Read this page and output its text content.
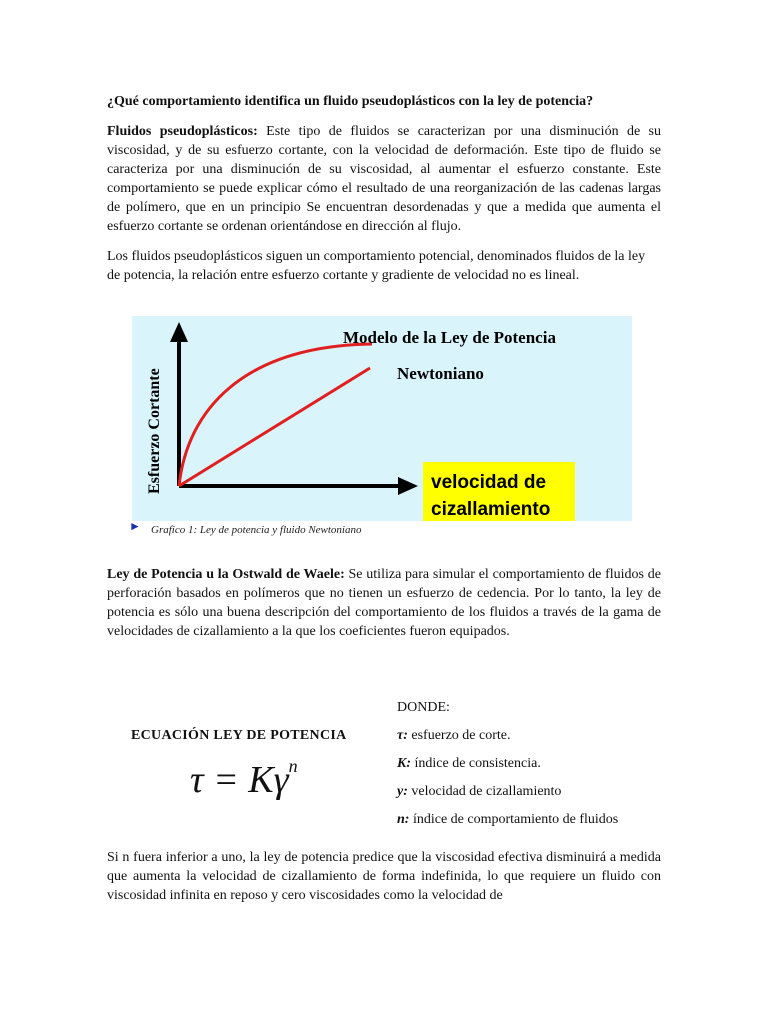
¿Qué comportamiento identifica un fluido pseudoplásticos con la ley de potencia?

Fluidos pseudoplásticos: Este tipo de fluidos se caracterizan por una disminución de su viscosidad, y de su esfuerzo cortante, con la velocidad de deformación. Este tipo de fluido se caracteriza por una disminución de su viscosidad, al aumentar el esfuerzo constante. Este comportamiento se puede explicar cómo el resultado de una reorganización de las cadenas largas de polímero, que en un principio Se encuentran desordenadas y que a medida que aumenta el esfuerzo cortante se ordenan orientándose en dirección al flujo.

Los fluidos pseudoplásticos siguen un comportamiento potencial, denominados fluidos de la ley de potencia, la relación entre esfuerzo cortante y gradiente de velocidad no es lineal.

Modelo de la Ley de Potencia
Newtoniano
Esfuerzo Cortante	velocidad de
cizallamiento
► Grafico 1: Ley de potencia y fluido Newtoniano

Ley de Potencia u la Ostwald de Waele: Se utiliza para simular el comportamiento de fluidos de perforación basados en polímeros que no tienen un esfuerzo de cedencia. Por lo tanto, la ley de potencia es sólo una buena descripción del comportamiento de los fluidos a través de la gama de velocidades de cizallamiento a la que los coeficientes fueron equipados.

DONDE:
ECUACIÓN LEY DE POTENCIA
$\tau = K\gamma^n$
τ: esfuerzo de corte.
K: índice de consistencia.
y: velocidad de cizallamiento
n: índice de comportamiento de fluidos

Si n fuera inferior a uno, la ley de potencia predice que la viscosidad efectiva disminuirá a medida que aumenta la velocidad de cizallamiento de forma indefinida, lo que requiere un fluido con viscosidad infinita en reposo y cero viscosidades como la velocidad de
